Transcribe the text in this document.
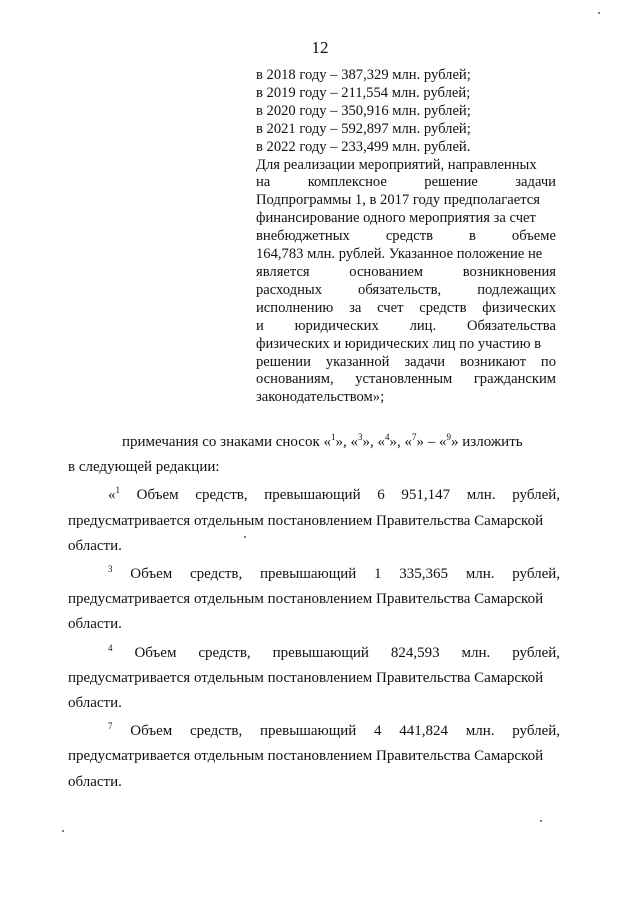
12
в 2018 году – 387,329 млн. рублей;
в 2019 году – 211,554 млн. рублей;
в 2020 году – 350,916 млн. рублей;
в 2021 году – 592,897 млн. рублей;
в 2022 году – 233,499 млн. рублей.
Для реализации мероприятий, направленных
на комплексное решение задачи
Подпрограммы 1, в 2017 году предполагается
финансирование одного мероприятия за счет
внебюджетных средств в объеме
164,783 млн. рублей. Указанное положение не
является основанием возникновения
расходных обязательств, подлежащих
исполнению за счет средств физических
и юридических лиц. Обязательства
физических и юридических лиц по участию в
решении указанной задачи возникают по
основаниям, установленным гражданским
законодательством»;
примечания со знаками сносок «$^1$», «$^3$», «$^4$», «$^7$» – «$^9$» изложить
в следующей редакции:
«$^1$ Объем средств, превышающий 6 951,147 млн. рублей,
предусматривается отдельным постановлением Правительства Самарской
области.
$^3$ Объем средств, превышающий 1 335,365 млн. рублей,
предусматривается отдельным постановлением Правительства Самарской
области.
$^4$ Объем средств, превышающий 824,593 млн. рублей,
предусматривается отдельным постановлением Правительства Самарской
области.
$^7$ Объем средств, превышающий 4 441,824 млн. рублей,
предусматривается отдельным постановлением Правительства Самарской
области.
